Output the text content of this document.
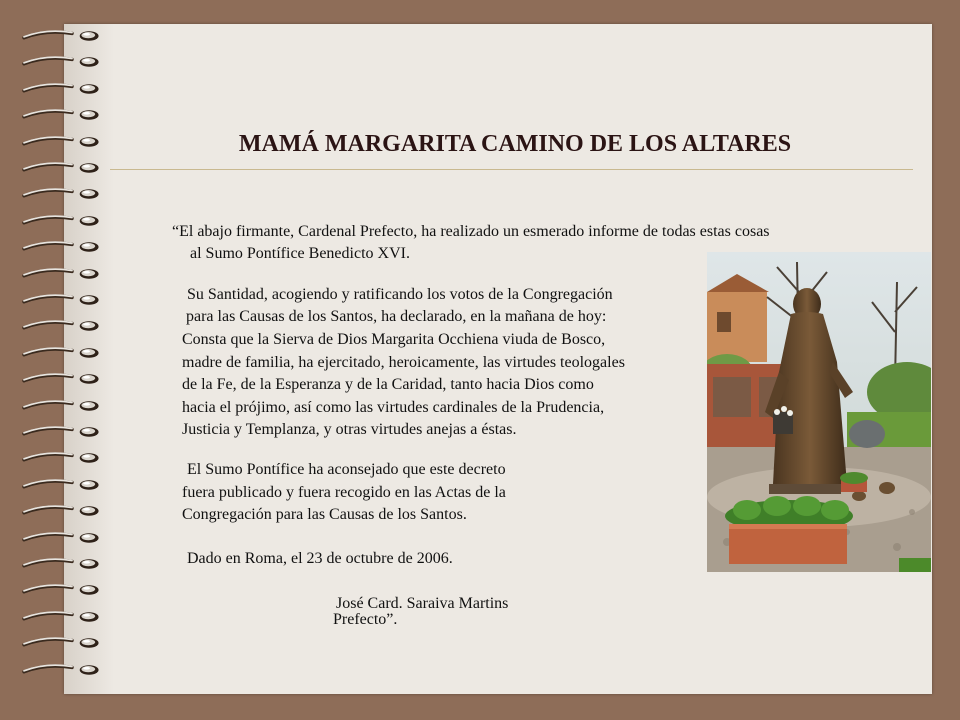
MAMÁ MARGARITA CAMINO DE LOS ALTARES

“El abajo firmante, Cardenal Prefecto, ha realizado un esmerado informe de todas estas cosas

al Sumo Pontífice Benedicto XVI.

Su Santidad, acogiendo y ratificando los votos de la Congregación

para las Causas de los Santos, ha declarado, en la mañana de hoy:

Consta que la Sierva de Dios Margarita Occhiena viuda de Bosco,

madre de familia, ha ejercitado, heroicamente, las virtudes teologales

de la Fe, de la Esperanza y de la Caridad, tanto hacia Dios como

hacia el prójimo, así como las virtudes cardinales de la Prudencia,

Justicia y Templanza, y otras virtudes anejas a éstas.

El Sumo Pontífice ha aconsejado que este decreto

fuera publicado y fuera recogido en las Actas de la

Congregación para las Causas de los Santos.

Dado en Roma, el 23 de octubre de 2006.

José Card. Saraiva Martins

Prefecto”.
